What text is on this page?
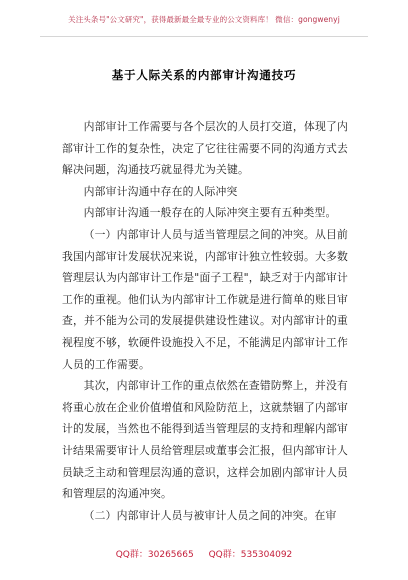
关注头条号"公文研究"，获得最新最全最专业的公文资料库！ 微信：gongwenyj
基于人际关系的内部审计沟通技巧

内部审计工作需要与各个层次的人员打交道，体现了内部审计工作的复杂性，决定了它往往需要不同的沟通方式去解决问题，沟通技巧就显得尤为关键。

内部审计沟通中存在的人际冲突

内部审计沟通一般存在的人际冲突主要有五种类型。

（一）内部审计人员与适当管理层之间的冲突。从目前我国内部审计发展状况来说，内部审计独立性较弱。大多数管理层认为内部审计工作是"面子工程"，缺乏对于内部审计工作的重视。他们认为内部审计工作就是进行简单的账目审查，并不能为公司的发展提供建设性建议。对内部审计的重视程度不够，软硬件设施投入不足，不能满足内部审计工作人员的工作需要。

其次，内部审计工作的重点依然在查错防弊上，并没有将重心放在企业价值增值和风险防范上，这就禁锢了内部审计的发展，当然也不能得到适当管理层的支持和理解内部审计结果需要审计人员给管理层或董事会汇报，但内部审计人员缺乏主动和管理层沟通的意识，这样会加剧内部审计人员和管理层的沟通冲突。

（二）内部审计人员与被审计人员之间的冲突。在审

QQ群：30265665 QQ群：535304092
